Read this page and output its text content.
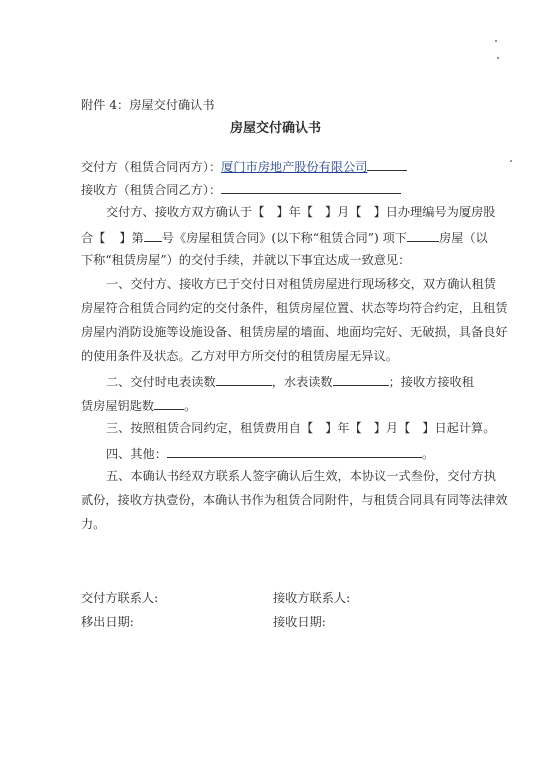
附件 4：房屋交付确认书
房屋交付确认书
交付方（租赁合同丙方）：厦门市房地产股份有限公司
接收方（租赁合同乙方）：
交付方、接收方双方确认于【 】年【 】月【 】日办理编号为厦房股
合【 】第 号《房屋租赁合同》(以下称“租赁合同”) 项下	房屋（以
下称“租赁房屋”）的交付手续，并就以下事宜达成一致意见：
一、交付方、接收方已于交付日对租赁房屋进行现场移交，双方确认租赁
房屋符合租赁合同约定的交付条件，租赁房屋位置、状态等均符合约定，且租赁
房屋内消防设施等设施设备、租赁房屋的墙面、地面均完好、无破损，具备良好
的使用条件及状态。乙方对甲方所交付的租赁房屋无异议。
二、交付时电表读数	，水表读数	；接收方接收租
赁房屋钥匙数 。
三、按照租赁合同约定，租赁费用自【 】年【 】月【 】日起计算。
四、其他：	。
五、本确认书经双方联系人签字确认后生效，本协议一式叁份，交付方执
贰份，接收方执壹份，本确认书作为租赁合同附件，与租赁合同具有同等法律效
力。
交付方联系人:	接收方联系人:
移出日期:	接收日期:
